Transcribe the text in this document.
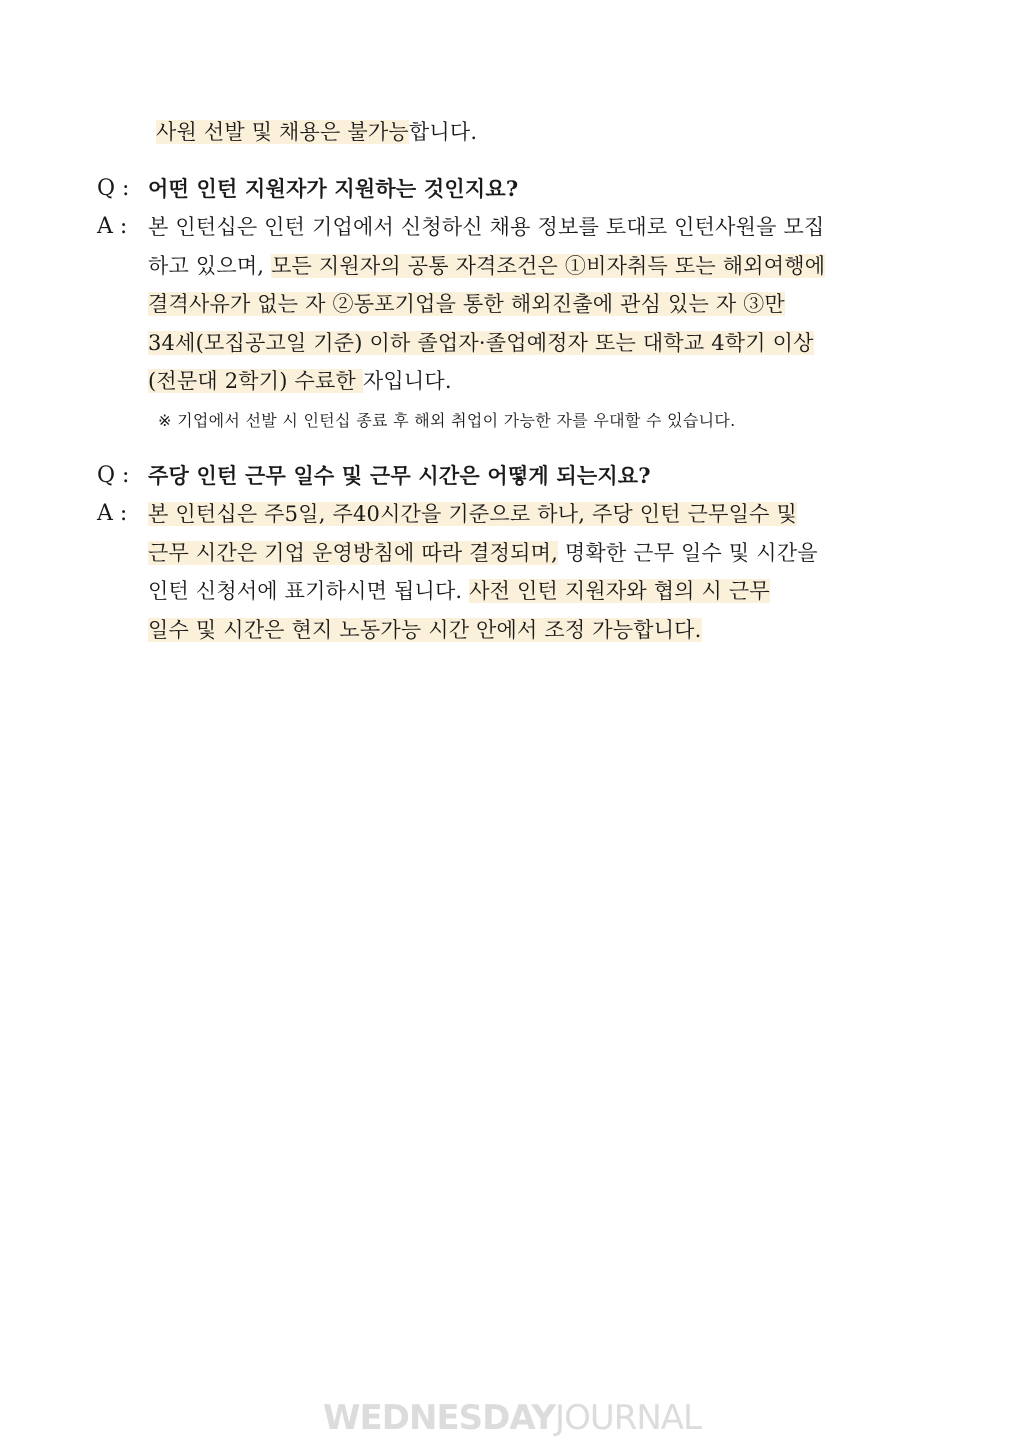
사원 선발 및 채용은 불가능합니다.
Q : 어떤 인턴 지원자가 지원하는 것인지요?
A : 본 인턴십은 인턴 기업에서 신청하신 채용 정보를 토대로 인턴사원을 모집
하고 있으며, 모든 지원자의 공통 자격조건은 ①비자취득 또는 해외여행에
결격사유가 없는 자 ②동포기업을 통한 해외진출에 관심 있는 자 ③만
34세(모집공고일 기준) 이하 졸업자·졸업예정자 또는 대학교 4학기 이상
(전문대 2학기) 수료한 자입니다.
※ 기업에서 선발 시 인턴십 종료 후 해외 취업이 가능한 자를 우대할 수 있습니다.
Q : 주당 인턴 근무 일수 및 근무 시간은 어떻게 되는지요?
A : 본 인턴십은 주5일, 주40시간을 기준으로 하나, 주당 인턴 근무일수 및
근무 시간은 기업 운영방침에 따라 결정되며, 명확한 근무 일수 및 시간을
인턴 신청서에 표기하시면 됩니다. 사전 인턴 지원자와 협의 시 근무
일수 및 시간은 현지 노동가능 시간 안에서 조정 가능합니다.
WEDNESDAYJOURNAL
